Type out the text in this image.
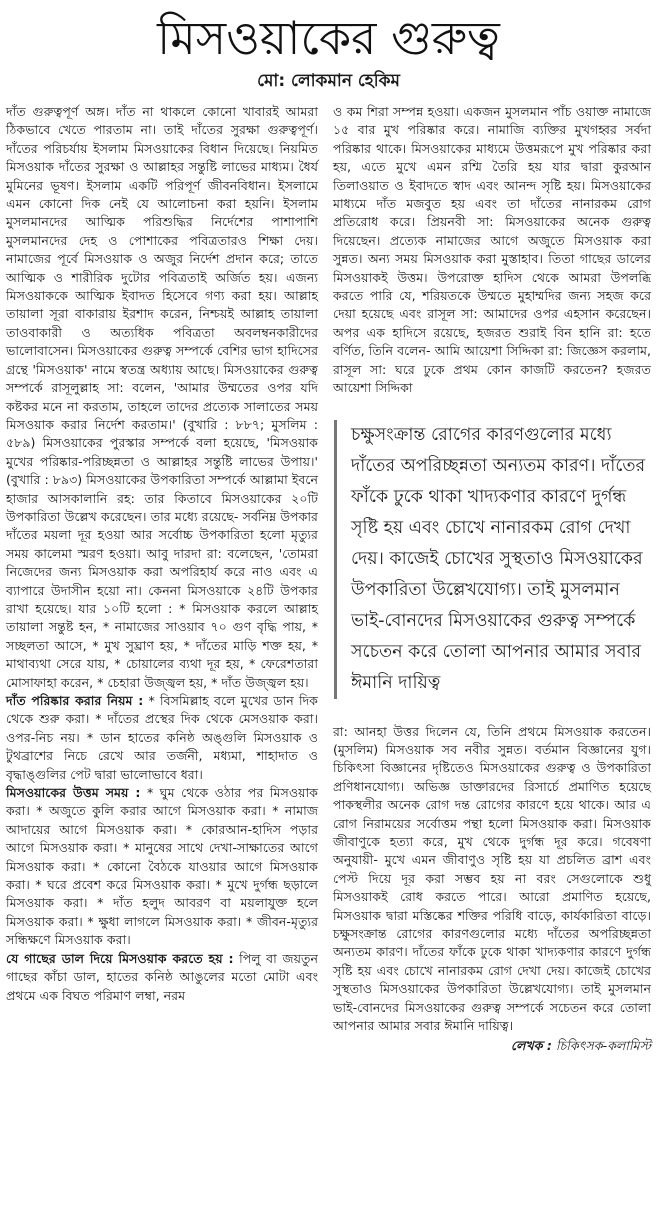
মিসওয়াকের গুরুত্ব
মো: লোকমান হেকিম

দাঁত গুরুত্বপূর্ণ অঙ্গ। দাঁত না থাকলে কোনো খাবারই আমরা ঠিকভাবে খেতে পারতাম না। তাই দাঁতের সুরক্ষা গুরুত্বপূর্ণ। দাঁতের পরিচর্যায় ইসলাম মিসওয়াকের বিধান দিয়েছে। নিয়মিত মিসওয়াক দাঁতের সুরক্ষা ও আল্লাহর সন্তুষ্টি লাভের মাধ্যম। ধৈর্য মুমিনের ভূষণ। ইসলাম একটি পরিপূর্ণ জীবনবিধান। ইসলামে এমন কোনো দিক নেই যে আলোচনা করা হয়নি। ইসলাম মুসলমানদের আত্মিক পরিশুদ্ধির নির্দেশের পাশাপাশি মুসলমানদের দেহ ও পোশাকের পবিত্রতারও শিক্ষা দেয়। নামাজের পূর্বে মিসওয়াক ও অজুর নির্দেশ প্রদান করে; তাতে আত্মিক ও শারীরিক দুটোর পবিত্রতাই অর্জিত হয়। এজন্য মিসওয়াককে আত্মিক ইবাদত হিসেবে গণ্য করা হয়। আল্লাহ তায়ালা সূরা বাকারায় ইরশাদ করেন, নিশ্চয়ই আল্লাহ তায়ালা তাওবাকারী ও অত্যধিক পবিত্রতা অবলম্বনকারীদের ভালোবাসেন। মিসওয়াকের গুরুত্ব সম্পর্কে বেশির ভাগ হাদিসের গ্রন্থে 'মিসওয়াক' নামে স্বতন্ত্র অধ্যায় আছে। মিসওয়াকের গুরুত্ব সম্পর্কে রাসূলুল্লাহ সা: বলেন, 'আমার উম্মতের ওপর যদি কষ্টকর মনে না করতাম, তাহলে তাদের প্রত্যেক সালাতের সময় মিসওয়াক করার নির্দেশ করতাম।' (বুখারি : ৮৮৭; মুসলিম : ৫৮৯) মিসওয়াকের পুরস্কার সম্পর্কে বলা হয়েছে, 'মিসওয়াক মুখের পরিষ্কার-পরিচ্ছন্নতা ও আল্লাহর সন্তুষ্টি লাভের উপায়।' (বুখারি : ৮৯৩) মিসওয়াকের উপকারিতা সম্পর্কে আল্লামা ইবনে হাজার আসকালানি রহ: তার কিতাবে মিসওয়াকের ২০টি উপকারিতা উল্লেখ করেছেন। তার মধ্যে রয়েছে- সর্বনিম্ন উপকার দাঁতের ময়লা দূর হওয়া আর সর্বোচ্চ উপকারিতা হলো মৃত্যুর সময় কালেমা স্মরণ হওয়া। আবু দারদা রা: বলেছেন, 'তোমরা নিজেদের জন্য মিসওয়াক করা অপরিহার্য করে নাও এবং এ ব্যাপারে উদাসীন হয়ো না। কেননা মিসওয়াকে ২৪টি উপকার রাখা হয়েছে। যার ১০টি হলো : * মিসওয়াক করলে আল্লাহ তায়ালা সন্তুষ্ট হন, * নামাজের সাওয়াব ৭০ গুণ বৃদ্ধি পায়, * সচ্ছলতা আসে, * মুখ সুঘ্রাণ হয়, * দাঁতের মাড়ি শক্ত হয়, * মাথাব্যথা সেরে যায়, * চোয়ালের ব্যথা দূর হয়, * ফেরেশতারা মোসাফাহা করেন, * চেহারা উজ্জ্বল হয়, * দাঁত উজ্জ্বল হয়।

দাঁত পরিষ্কার করার নিয়ম : * বিসমিল্লাহ বলে মুখের ডান দিক থেকে শুরু করা। * দাঁতের প্রস্থের দিক থেকে মেসওয়াক করা। ওপর-নিচ নয়। * ডান হাতের কনিষ্ঠ অঙ্গুলি মিসওয়াক ও টুথব্রাশের নিচে রেখে আর তর্জনী, মধ্যমা, শাহাদাত ও বৃদ্ধাঙ্গুলির পেট দ্বারা ভালোভাবে ধরা।

মিসওয়াকের উত্তম সময় : * ঘুম থেকে ওঠার পর মিসওয়াক করা। * অজুতে কুলি করার আগে মিসওয়াক করা। * নামাজ আদায়ের আগে মিসওয়াক করা। * কোরআন-হাদিস পড়ার আগে মিসওয়াক করা। * মানুষের সাথে দেখা-সাক্ষাতের আগে মিসওয়াক করা। * কোনো বৈঠকে যাওয়ার আগে মিসওয়াক করা। * ঘরে প্রবেশ করে মিসওয়াক করা। * মুখে দুর্গন্ধ ছড়ালে মিসওয়াক করা। * দাঁত হলুদ আবরণ বা ময়লাযুক্ত হলে মিসওয়াক করা। * ক্ষুধা লাগলে মিসওয়াক করা। * জীবন-মৃত্যুর সন্ধিক্ষণে মিসওয়াক করা।

যে গাছের ডাল দিয়ে মিসওয়াক করতে হয় : পিলু বা জয়তুন গাছের কাঁচা ডাল, হাতের কনিষ্ঠ আঙুলের মতো মোটা এবং প্রথমে এক বিঘত পরিমাণ লম্বা, নরম

ও কম শিরা সম্পন্ন হওয়া। একজন মুসলমান পাঁচ ওয়াক্ত নামাজে ১৫ বার মুখ পরিষ্কার করে। নামাজি ব্যক্তির মুখগহ্বর সর্বদা পরিষ্কার থাকে। মিসওয়াকের মাধ্যমে উত্তমরূপে মুখ পরিষ্কার করা হয়, এতে মুখে এমন রশ্মি তৈরি হয় যার দ্বারা কুরআন তিলাওয়াত ও ইবাদতে স্বাদ এবং আনন্দ সৃষ্টি হয়। মিসওয়াকের মাধ্যমে দাঁত মজবুত হয় এবং তা দাঁতের নানারকম রোগ প্রতিরোধ করে। প্রিয়নবী সা: মিসওয়াকের অনেক গুরুত্ব দিয়েছেন। প্রত্যেক নামাজের আগে অজুতে মিসওয়াক করা সুন্নত। অন্য সময় মিসওয়াক করা মুস্তাহাব। তিতা গাছের ডালের মিসওয়াকই উত্তম। উপরোক্ত হাদিস থেকে আমরা উপলব্ধি করতে পারি যে, শরিয়তকে উম্মতে মুহাম্মদির জন্য সহজ করে দেয়া হয়েছে এবং রাসূল সা: আমাদের ওপর এহসান করেছেন। অপর এক হাদিসে রয়েছে, হজরত শুরাই বিন হানি রা: হতে বর্ণিত, তিনি বলেন- আমি আয়েশা সিদ্দিকা রা: জিজ্ঞেস করলাম, রাসূল সা: ঘরে ঢুকে প্রথম কোন কাজটি করতেন? হজরত আয়েশা সিদ্দিকা

চক্ষুসংক্রান্ত রোগের কারণগুলোর মধ্যে দাঁতের অপরিচ্ছন্নতা অন্যতম কারণ। দাঁতের ফাঁকে ঢুকে থাকা খাদ্যকণার কারণে দুর্গন্ধ সৃষ্টি হয় এবং চোখে নানারকম রোগ দেখা দেয়। কাজেই চোখের সুস্থতাও মিসওয়াকের উপকারিতা উল্লেখযোগ্য। তাই মুসলমান ভাই-বোনদের মিসওয়াকের গুরুত্ব সম্পর্কে সচেতন করে তোলা আপনার আমার সবার ঈমানি দায়িত্ব

রা: আনহা উত্তর দিলেন যে, তিনি প্রথমে মিসওয়াক করতেন। (মুসলিম) মিসওয়াক সব নবীর সুন্নত। বর্তমান বিজ্ঞানের যুগ। চিকিৎসা বিজ্ঞানের দৃষ্টিতেও মিসওয়াকের গুরুত্ব ও উপকারিতা প্রণিধানযোগ্য। অভিজ্ঞ ডাক্তারদের রিসার্চে প্রমাণিত হয়েছে পাকস্থলীর অনেক রোগ দন্ত রোগের কারণে হয়ে থাকে। আর এ রোগ নিরাময়ের সর্বোত্তম পন্থা হলো মিসওয়াক করা। মিসওয়াক জীবাণুকে হত্যা করে, মুখ থেকে দুর্গন্ধ দূর করে। গবেষণা অনুযায়ী- মুখে এমন জীবাণুও সৃষ্টি হয় যা প্রচলিত ব্রাশ এবং পেস্ট দিয়ে দূর করা সম্ভব হয় না বরং সেগুলোকে শুধু মিসওয়াকই রোধ করতে পারে। আরো প্রমাণিত হয়েছে, মিসওয়াক দ্বারা মস্তিষ্কের শক্তির পরিধি বাড়ে, কার্যকারিতা বাড়ে। চক্ষুসংক্রান্ত রোগের কারণগুলোর মধ্যে দাঁতের অপরিচ্ছন্নতা অন্যতম কারণ। দাঁতের ফাঁকে ঢুকে থাকা খাদ্যকণার কারণে দুর্গন্ধ সৃষ্টি হয় এবং চোখে নানারকম রোগ দেখা দেয়। কাজেই চোখের সুস্থতাও মিসওয়াকের উপকারিতা উল্লেখযোগ্য। তাই মুসলমান ভাই-বোনদের মিসওয়াকের গুরুত্ব সম্পর্কে সচেতন করে তোলা আপনার আমার সবার ঈমানি দায়িত্ব।

লেখক : চিকিৎসক-কলামিস্ট
